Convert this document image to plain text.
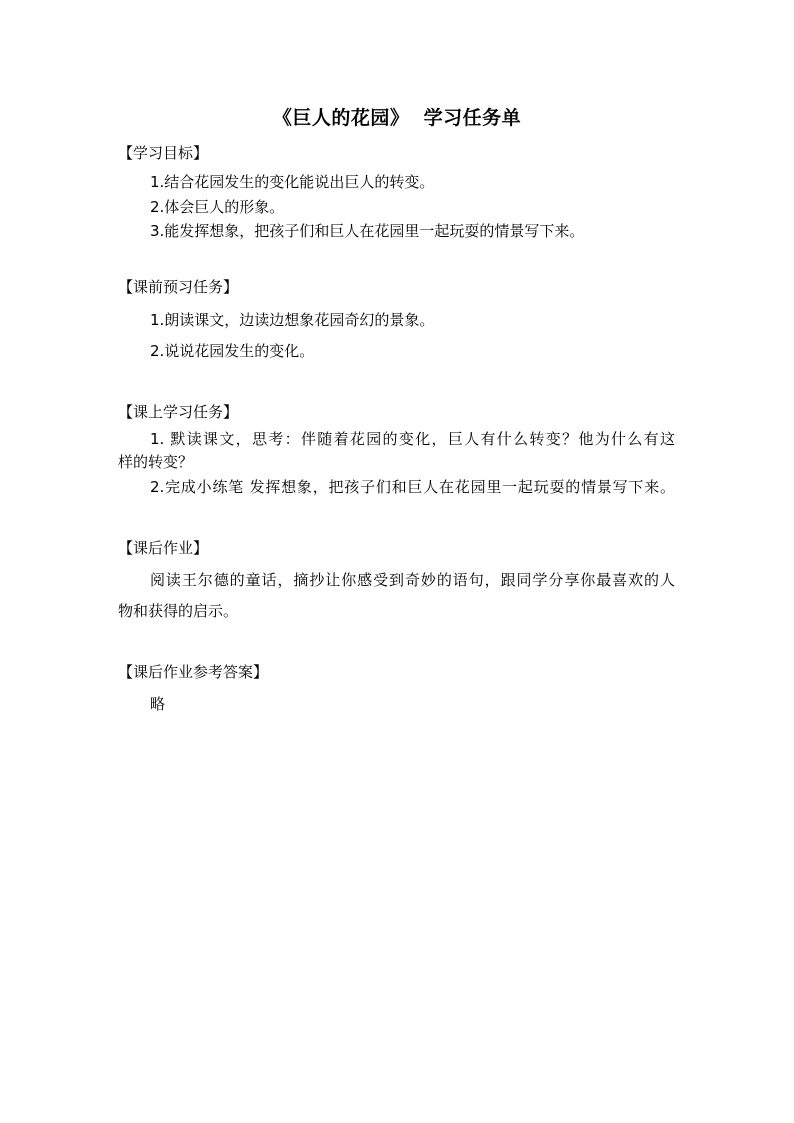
《巨人的花园》  学习任务单
【学习目标】
1.结合花园发生的变化能说出巨人的转变。
2.体会巨人的形象。
3.能发挥想象，把孩子们和巨人在花园里一起玩耍的情景写下来。
【课前预习任务】
1.朗读课文，边读边想象花园奇幻的景象。
2.说说花园发生的变化。
【课上学习任务】
1. 默读课文，思考：伴随着花园的变化，巨人有什么转变？他为什么有这
样的转变？
2.完成小练笔 发挥想象，把孩子们和巨人在花园里一起玩耍的情景写下来。
【课后作业】
阅读王尔德的童话，摘抄让你感受到奇妙的语句，跟同学分享你最喜欢的人
物和获得的启示。
【课后作业参考答案】
略
